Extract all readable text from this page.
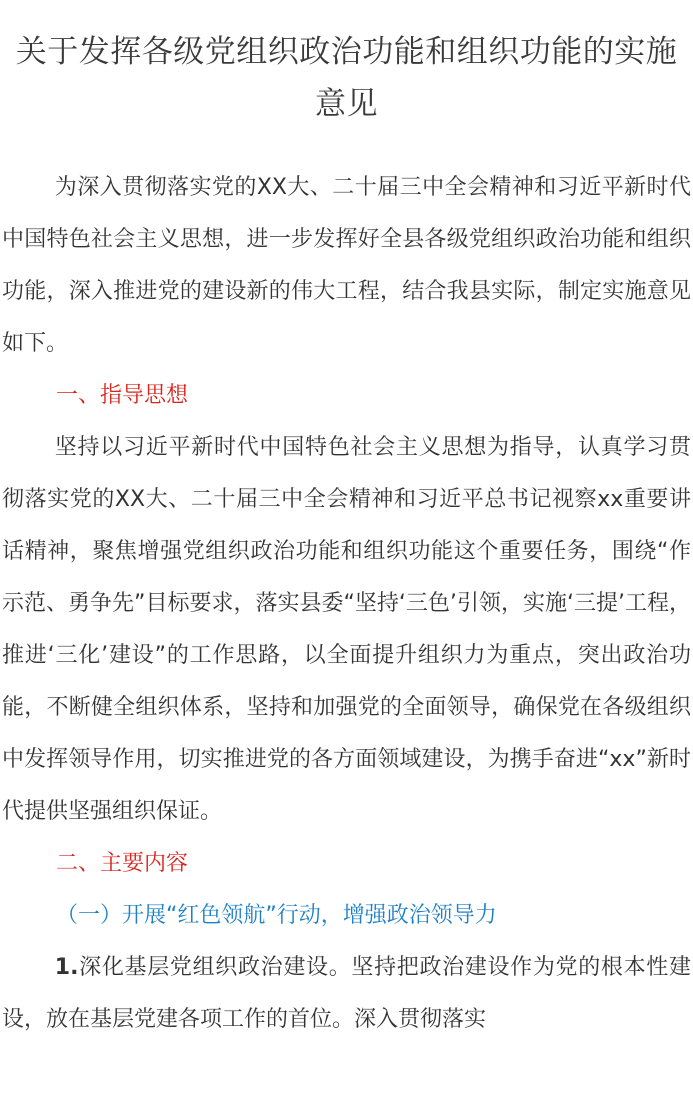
关于发挥各级党组织政治功能和组织功能的实施意见

为深入贯彻落实党的XX大、二十届三中全会精神和习近平新时代中国特色社会主义思想，进一步发挥好全县各级党组织政治功能和组织功能，深入推进党的建设新的伟大工程，结合我县实际，制定实施意见如下。

一、指导思想

坚持以习近平新时代中国特色社会主义思想为指导，认真学习贯彻落实党的XX大、二十届三中全会精神和习近平总书记视察xx重要讲话精神，聚焦增强党组织政治功能和组织功能这个重要任务，围绕“作示范、勇争先”目标要求，落实县委“坚持‘三色’引领，实施‘三提’工程，推进‘三化’建设”的工作思路，以全面提升组织力为重点，突出政治功能，不断健全组织体系，坚持和加强党的全面领导，确保党在各级组织中发挥领导作用，切实推进党的各方面领域建设，为携手奋进“xx”新时代提供坚强组织保证。

二、主要内容

（一）开展“红色领航”行动，增强政治领导力

1.深化基层党组织政治建设。坚持把政治建设作为党的根本性建设，放在基层党建各项工作的首位。深入贯彻落实
